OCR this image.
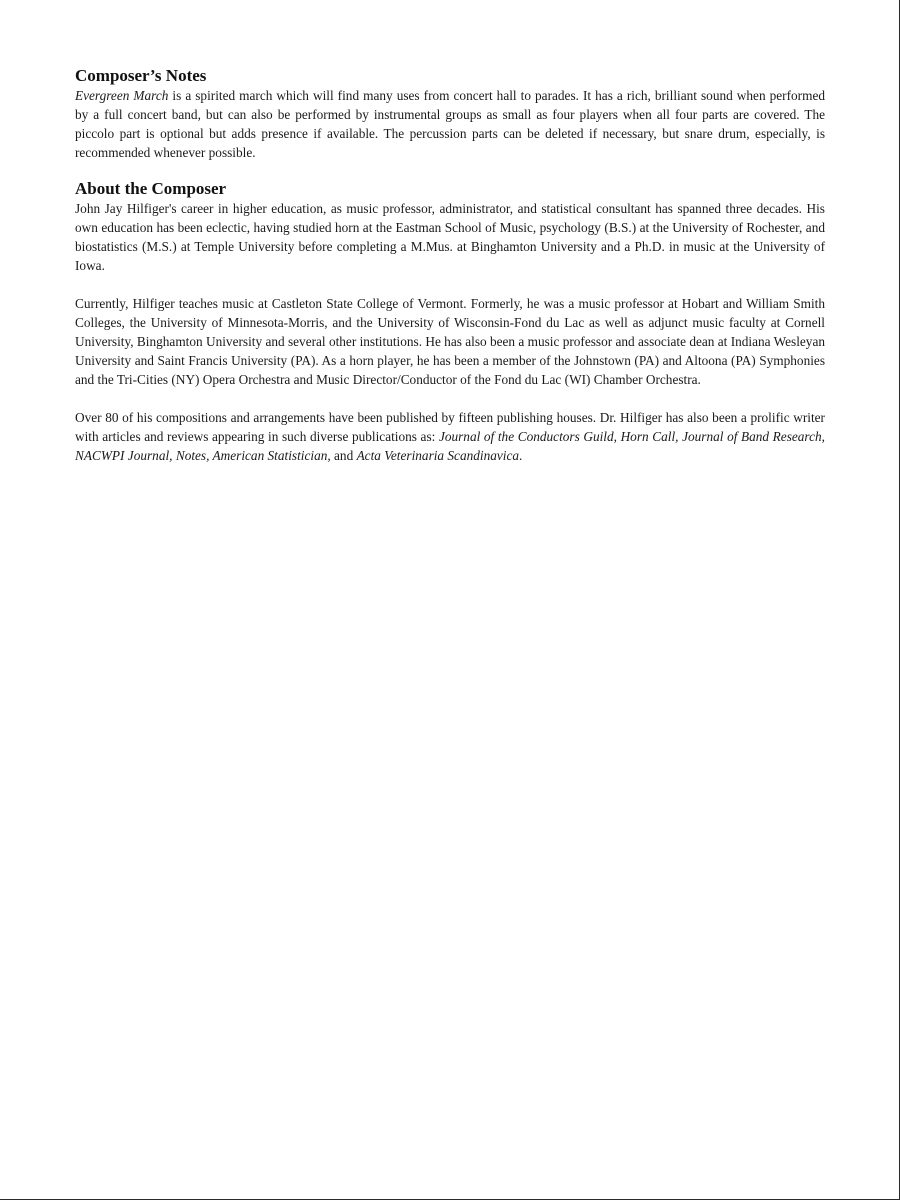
Composer’s Notes

Evergreen March is a spirited march which will find many uses from concert hall to parades. It has a rich, brilliant sound when performed by a full concert band, but can also be performed by instrumental groups as small as four players when all four parts are covered. The piccolo part is optional but adds presence if available. The percussion parts can be deleted if necessary, but snare drum, especially, is recommended whenever possible.

About the Composer

John Jay Hilfiger's career in higher education, as music professor, administrator, and statistical consultant has spanned three decades. His own education has been eclectic, having studied horn at the Eastman School of Music, psychology (B.S.) at the University of Rochester, and biostatistics (M.S.) at Temple University before completing a M.Mus. at Binghamton University and a Ph.D. in music at the University of Iowa.

Currently, Hilfiger teaches music at Castleton State College of Vermont. Formerly, he was a music professor at Hobart and William Smith Colleges, the University of Minnesota-Morris, and the University of Wisconsin-Fond du Lac as well as adjunct music faculty at Cornell University, Binghamton University and several other institutions. He has also been a music professor and associate dean at Indiana Wesleyan University and Saint Francis University (PA). As a horn player, he has been a member of the Johnstown (PA) and Altoona (PA) Symphonies and the Tri-Cities (NY) Opera Orchestra and Music Director/Conductor of the Fond du Lac (WI) Chamber Orchestra.

Over 80 of his compositions and arrangements have been published by fifteen publishing houses. Dr. Hilfiger has also been a prolific writer with articles and reviews appearing in such diverse publications as: Journal of the Conductors Guild, Horn Call, Journal of Band Research, NACWPI Journal, Notes, American Statistician, and Acta Veterinaria Scandinavica.
